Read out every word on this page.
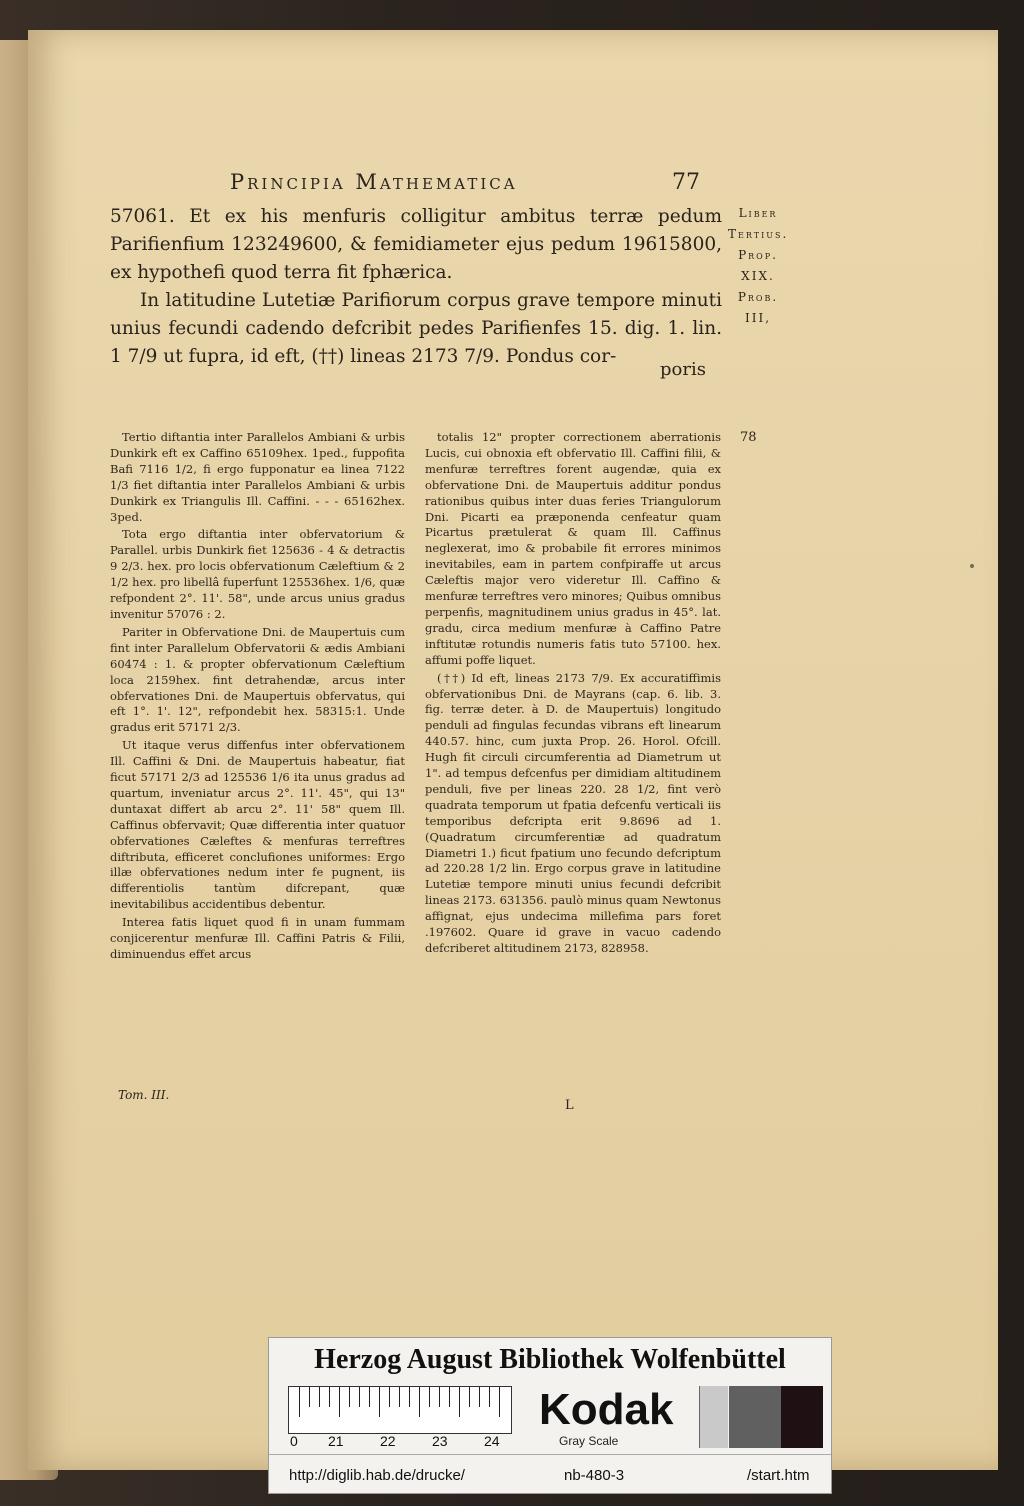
Principia Mathematica	77
Liber
Tertius.
Prop.
XIX.
Prob.
III,

57061. Et ex his menfuris colligitur ambitus terræ pedum Parifienfium 123249600, & femidiameter ejus pedum 19615800, ex hypothefi quod terra fit fphærica.

In latitudine Lutetiæ Parifiorum corpus grave tempore minuti unius fecundi cadendo defcribit pedes Parifienfes 15. dig. 1. lin. 1 7/9 ut fupra, id eft, (††) lineas 2173 7/9. Pondus cor-

poris
78

Tertio diftantia inter Parallelos Ambiani & urbis Dunkirk eft ex Caffino 65109hex. 1ped., fuppofita Bafi 7116 1/2, fi ergo fupponatur ea linea 7122 1/3 fiet diftantia inter Parallelos Ambiani & urbis Dunkirk ex Triangulis Ill. Caffini. - - - 65162hex. 3ped.

Tota ergo diftantia inter obfervatorium & Parallel. urbis Dunkirk fiet 125636 - 4 & detractis 9 2/3. hex. pro locis obfervationum Cæleftium & 2 1/2 hex. pro libellâ fuperfunt 125536hex. 1/6, quæ refpondent 2°. 11'. 58", unde arcus unius gradus invenitur 57076 : 2.

Pariter in Obfervatione Dni. de Maupertuis cum fint inter Parallelum Obfervatorii & ædis Ambiani 60474 : 1. & propter obfervationum Cæleftium loca 2159hex. fint detrahendæ, arcus inter obfervationes Dni. de Maupertuis obfervatus, qui eft 1°. 1'. 12", refpondebit hex. 58315:1. Unde gradus erit 57171 2/3.

Ut itaque verus diffenfus inter obfervationem Ill. Caffini & Dni. de Maupertuis habeatur, fiat ficut 57171 2/3 ad 125536 1/6 ita unus gradus ad quartum, inveniatur arcus 2°. 11'. 45", qui 13" duntaxat differt ab arcu 2°. 11' 58" quem Ill. Caffinus obfervavit; Quæ differentia inter quatuor obfervationes Cæleftes & menfuras terreftres diftributa, efficeret conclufiones uniformes: Ergo illæ obfervationes nedum inter fe pugnent, iis differentiolis tantùm difcrepant, quæ inevitabilibus accidentibus debentur.

Interea fatis liquet quod fi in unam fummam conjicerentur menfuræ Ill. Caffini Patris & Filii, diminuendus effet arcus

Tom. III.

totalis 12" propter correctionem aberrationis Lucis, cui obnoxia eft obfervatio Ill. Caffini filii, & menfuræ terreftres forent augendæ, quia ex obfervatione Dni. de Maupertuis additur pondus rationibus quibus inter duas feries Triangulorum Dni. Picarti ea præponenda cenfeatur quam Picartus prætulerat & quam Ill. Caffinus neglexerat, imo & probabile fit errores minimos inevitabiles, eam in partem confpiraffe ut arcus Cæleftis major vero videretur Ill. Caffino & menfuræ terreftres vero minores; Quibus omnibus perpenfis, magnitudinem unius gradus in 45°. lat. gradu, circa medium menfuræ à Caffino Patre inftitutæ rotundis numeris fatis tuto 57100. hex. affumi poffe liquet.

(††) Id eft, lineas 2173 7/9. Ex accuratiffimis obfervationibus Dni. de Mayrans (cap. 6. lib. 3. fig. terræ deter. à D. de Maupertuis) longitudo penduli ad fingulas fecundas vibrans eft linearum 440.57. hinc, cum juxta Prop. 26. Horol. Ofcill. Hugh fit circuli circumferentia ad Diametrum ut 1". ad tempus defcenfus per dimidiam altitudinem penduli, five per lineas 220. 28 1/2, fint verò quadrata temporum ut fpatia defcenfu verticali iis temporibus defcripta erit 9.8696 ad 1. (Quadratum circumferentiæ ad quadratum Diametri 1.) ficut fpatium uno fecundo defcriptum ad 220.28 1/2 lin. Ergo corpus grave in latitudine Lutetiæ tempore minuti unius fecundi defcribit lineas 2173. 631356. paulò minus quam Newtonus affignat, ejus undecima millefima pars foret .197602. Quare id grave in vacuo cadendo defcriberet altitudinem 2173, 828958.

L
Herzog August Bibliothek Wolfenbüttel
0 21	22	23	24
Kodak
Gray Scale
http://diglib.hab.de/drucke/	nb-480-3	/start.htm
